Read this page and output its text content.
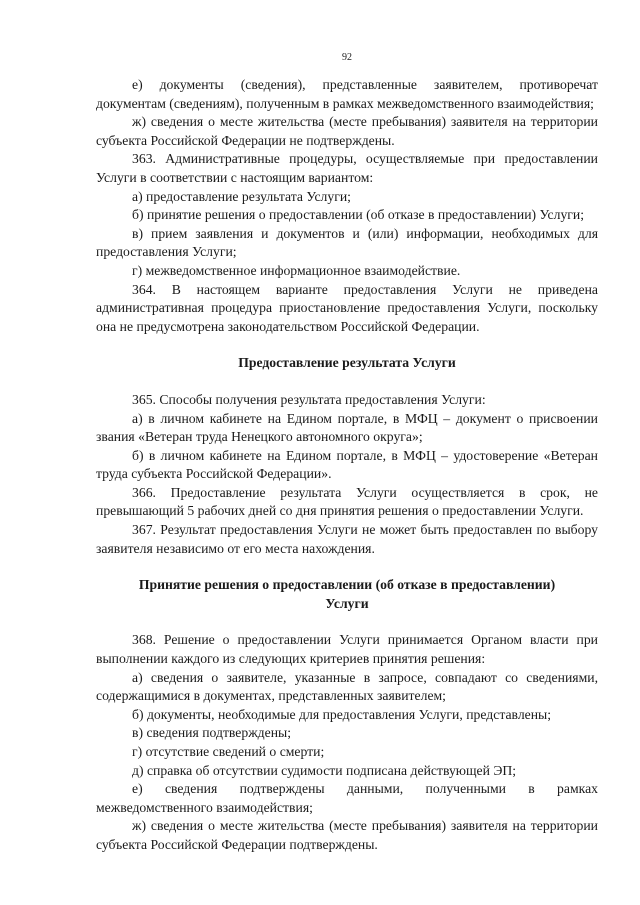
92

е) документы (сведения), представленные заявителем, противоречат документам (сведениям), полученным в рамках межведомственного взаимодействия;

ж) сведения о месте жительства (месте пребывания) заявителя на территории субъекта Российской Федерации не подтверждены.

363. Административные процедуры, осуществляемые при предоставлении Услуги в соответствии с настоящим вариантом:

а) предоставление результата Услуги;

б) принятие решения о предоставлении (об отказе в предоставлении) Услуги;

в) прием заявления и документов и (или) информации, необходимых для предоставления Услуги;

г) межведомственное информационное взаимодействие.

364. В настоящем варианте предоставления Услуги не приведена административная процедура приостановление предоставления Услуги, поскольку она не предусмотрена законодательством Российской Федерации.

Предоставление результата Услуги

365. Способы получения результата предоставления Услуги:

а) в личном кабинете на Едином портале, в МФЦ – документ о присвоении звания «Ветеран труда Ненецкого автономного округа»;

б) в личном кабинете на Едином портале, в МФЦ – удостоверение «Ветеран труда субъекта Российской Федерации».

366. Предоставление результата Услуги осуществляется в срок, не превышающий 5 рабочих дней со дня принятия решения о предоставлении Услуги.

367. Результат предоставления Услуги не может быть предоставлен по выбору заявителя независимо от его места нахождения.

Принятие решения о предоставлении (об отказе в предоставлении) Услуги

368. Решение о предоставлении Услуги принимается Органом власти при выполнении каждого из следующих критериев принятия решения:

а) сведения о заявителе, указанные в запросе, совпадают со сведениями, содержащимися в документах, представленных заявителем;

б) документы, необходимые для предоставления Услуги, представлены;

в) сведения подтверждены;

г) отсутствие сведений о смерти;

д) справка об отсутствии судимости подписана действующей ЭП;

е) сведения подтверждены данными, полученными в рамках межведомственного взаимодействия;

ж) сведения о месте жительства (месте пребывания) заявителя на территории субъекта Российской Федерации подтверждены.
